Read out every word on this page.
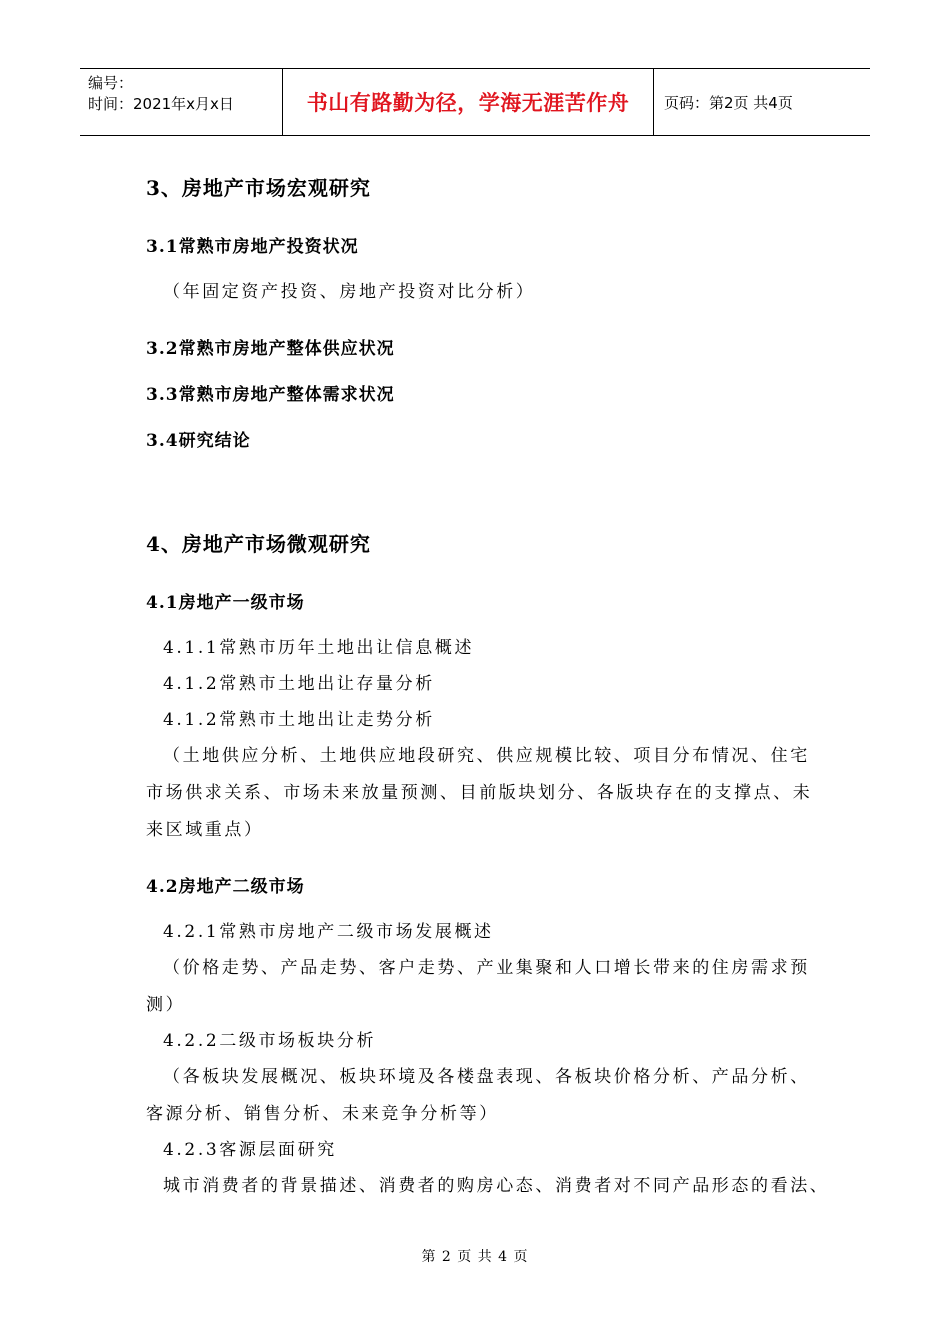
编号：
时间：2021年x月x日	书山有路勤为径，学海无涯苦作舟	页码：第2页 共4页
3、房地产市场宏观研究
3.1常熟市房地产投资状况
（年固定资产投资、房地产投资对比分析）
3.2常熟市房地产整体供应状况
3.3常熟市房地产整体需求状况
3.4研究结论
4、房地产市场微观研究
4.1房地产一级市场
4.1.1常熟市历年土地出让信息概述
4.1.2常熟市土地出让存量分析
4.1.2常熟市土地出让走势分析
（土地供应分析、土地供应地段研究、供应规模比较、项目分布情况、住宅
市场供求关系、市场未来放量预测、目前版块划分、各版块存在的支撑点、未
来区域重点）
4.2房地产二级市场
4.2.1常熟市房地产二级市场发展概述
（价格走势、产品走势、客户走势、产业集聚和人口增长带来的住房需求预
测）
4.2.2二级市场板块分析
（各板块发展概况、板块环境及各楼盘表现、各板块价格分析、产品分析、
客源分析、销售分析、未来竞争分析等）
4.2.3客源层面研究
城市消费者的背景描述、消费者的购房心态、消费者对不同产品形态的看法、
第 2 页 共 4 页
